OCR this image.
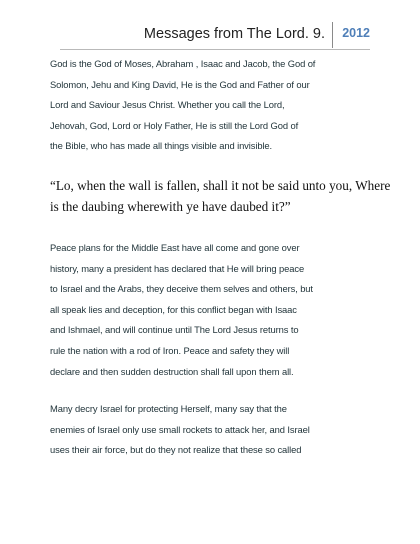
Messages from The Lord. 9. 2012
God is the God of Moses, Abraham , Isaac and Jacob, the God of
Solomon, Jehu and King David, He is the God and Father of our
Lord and Saviour Jesus Christ. Whether you call the Lord,
Jehovah, God, Lord or Holy Father, He is still the Lord God of
the Bible, who has made all things visible and invisible.
“Lo, when the wall is fallen, shall it not be said unto you, Where
is the daubing wherewith ye have daubed it?”
Peace plans for the Middle East have all come and gone over
history, many a president has declared that He will bring peace
to Israel and the Arabs, they deceive them selves and others, but
all speak lies and deception, for this conflict began with Isaac
and Ishmael, and will continue until The Lord Jesus returns to
rule the nation with a rod of Iron. Peace and safety they will
declare and then sudden destruction shall fall upon them all.
Many decry Israel for protecting Herself, many say that the
enemies of Israel only use small rockets to attack her, and Israel
uses their air force, but do they not realize that these so called
